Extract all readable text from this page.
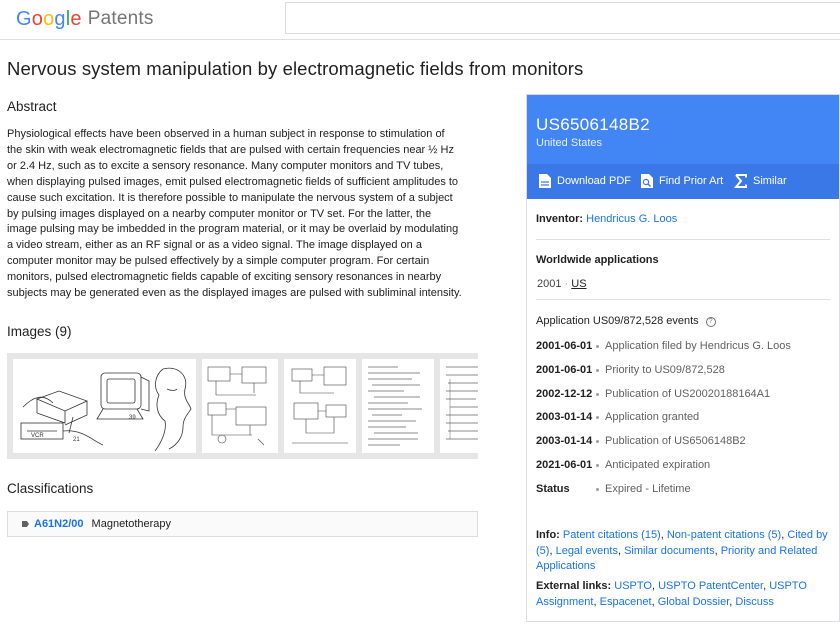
G o o g l e Patents
Nervous system manipulation by electromagnetic fields from monitors
Abstract
Physiological effects have been observed in a human subject in response to stimulation of the skin with weak electromagnetic fields that are pulsed with certain frequencies near ½ Hz or 2.4 Hz, such as to excite a sensory resonance. Many computer monitors and TV tubes, when displaying pulsed images, emit pulsed electromagnetic fields of sufficient amplitudes to cause such excitation. It is therefore possible to manipulate the nervous system of a subject by pulsing images displayed on a nearby computer monitor or TV set. For the latter, the image pulsing may be imbedded in the program material, or it may be overlaid by modulating a video stream, either as an RF signal or as a video signal. The image displayed on a computer monitor may be pulsed effectively by a simple computer program. For certain monitors, pulsed electromagnetic fields capable of exciting sensory resonances in nearby subjects may be generated even as the displayed images are pulsed with subliminal intensity.
Images (9)
39
21
VCR
Classifications
A61N2/00 Magnetotherapy
US6506148B2
United States
Download PDF	Find Prior Art	Similar
Inventor: Hendricus G. Loos
Worldwide applications
2001 · US
Application US09/872,528 events ?
2001-06-01 Application filed by Hendricus G. Loos
2001-06-01 Priority to US09/872,528
2002-12-12 Publication of US20020188164A1
2003-01-14 Application granted
2003-01-14 Publication of US6506148B2
2021-06-01 Anticipated expiration
Status	Expired - Lifetime
Info: Patent citations (15), Non-patent citations (5), Cited by (5), Legal events, Similar documents, Priority and Related Applications
External links: USPTO, USPTO PatentCenter, USPTO Assignment, Espacenet, Global Dossier, Discuss
